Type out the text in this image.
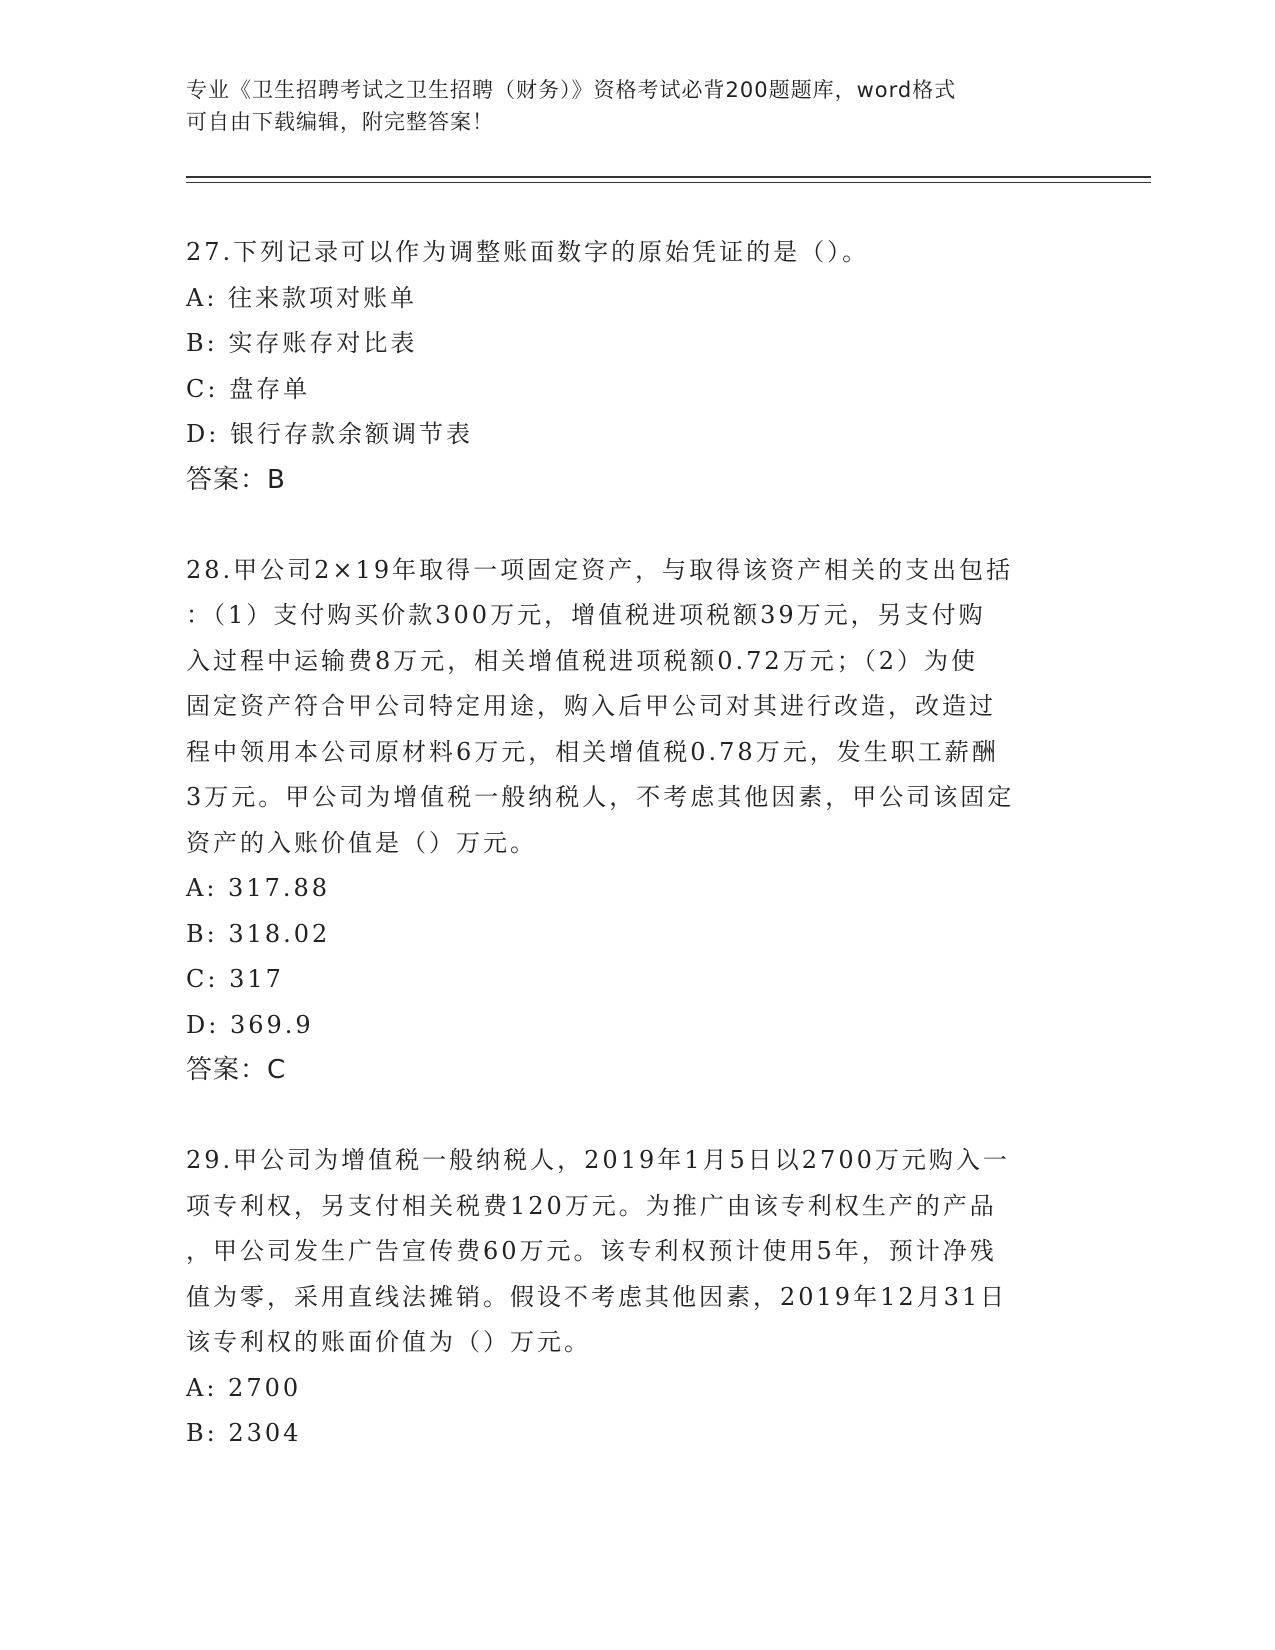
专业《卫生招聘考试之卫生招聘（财务）》资格考试必背200题题库，word格式
可自由下载编辑，附完整答案！

27.下列记录可以作为调整账面数字的原始凭证的是（）。

A: 往来款项对账单

B: 实存账存对比表

C: 盘存单

D: 银行存款余额调节表

答案：B

28.甲公司2×19年取得一项固定资产，与取得该资产相关的支出包括

：（1）支付购买价款300万元，增值税进项税额39万元，另支付购

入过程中运输费8万元，相关增值税进项税额0.72万元；（2）为使

固定资产符合甲公司特定用途，购入后甲公司对其进行改造，改造过

程中领用本公司原材料6万元，相关增值税0.78万元，发生职工薪酬

3万元。甲公司为增值税一般纳税人，不考虑其他因素，甲公司该固定

资产的入账价值是（）万元。

A: 317.88

B: 318.02

C: 317

D: 369.9

答案：C

29.甲公司为增值税一般纳税人，2019年1月5日以2700万元购入一

项专利权，另支付相关税费120万元。为推广由该专利权生产的产品

，甲公司发生广告宣传费60万元。该专利权预计使用5年，预计净残

值为零，采用直线法摊销。假设不考虑其他因素，2019年12月31日

该专利权的账面价值为（）万元。

A: 2700

B: 2304
